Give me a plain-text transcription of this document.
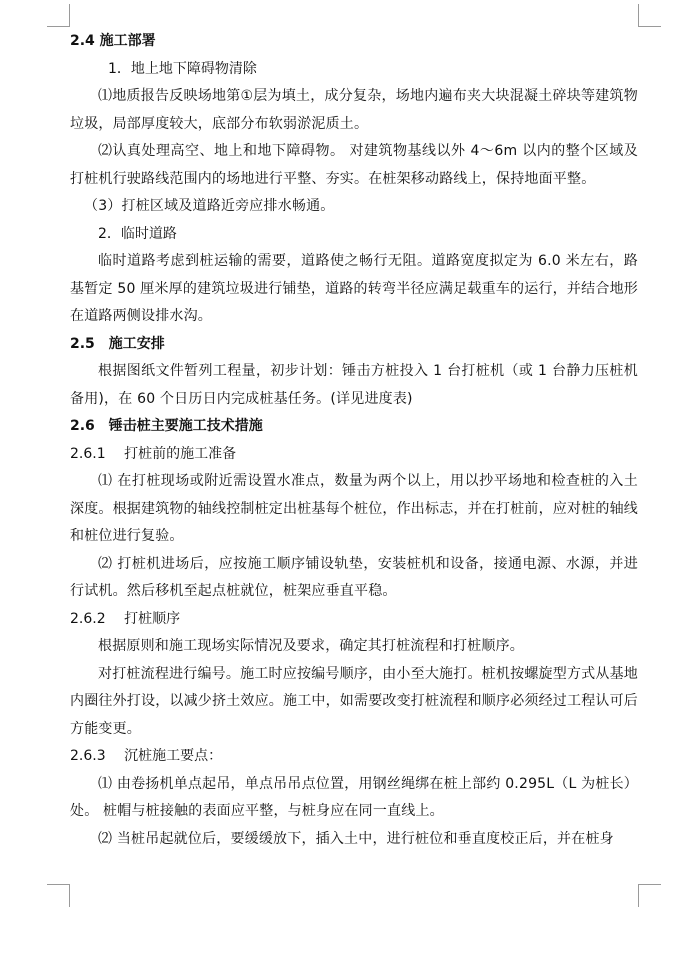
2.4 施工部署

1．地上地下障碍物清除

⑴地质报告反映场地第①层为填土，成分复杂，场地内遍布夹大块混凝土碎块等建筑物垃圾，局部厚度较大，底部分布软弱淤泥质土。

⑵认真处理高空、地上和地下障碍物。 对建筑物基线以外 4～6m 以内的整个区域及打桩机行驶路线范围内的场地进行平整、夯实。在桩架移动路线上，保持地面平整。

（3）打桩区域及道路近旁应排水畅通。

2．临时道路

临时道路考虑到桩运输的需要，道路使之畅行无阻。道路宽度拟定为 6.0 米左右，路基暂定 50 厘米厚的建筑垃圾进行铺垫，道路的转弯半径应满足载重车的运行，并结合地形在道路两侧设排水沟。

2.5　施工安排

根据图纸文件暂列工程量，初步计划：锤击方桩投入 1 台打桩机（或 1 台静力压桩机备用)，在 60 个日历日内完成桩基任务。(详见进度表)

2.6　锤击桩主要施工技术措施

2.6.1　 打桩前的施工准备

⑴ 在打桩现场或附近需设置水准点，数量为两个以上，用以抄平场地和检查桩的入土深度。根据建筑物的轴线控制桩定出桩基每个桩位，作出标志，并在打桩前，应对桩的轴线和桩位进行复验。

⑵ 打桩机进场后，应按施工顺序铺设轨垫，安装桩机和设备，接通电源、水源，并进行试机。然后移机至起点桩就位，桩架应垂直平稳。

2.6.2　 打桩顺序

根据原则和施工现场实际情况及要求，确定其打桩流程和打桩顺序。

对打桩流程进行编号。施工时应按编号顺序，由小至大施打。桩机按螺旋型方式从基地内圈往外打设，以减少挤土效应。施工中，如需要改变打桩流程和顺序必须经过工程认可后方能变更。

2.6.3　 沉桩施工要点：

⑴ 由卷扬机单点起吊，单点吊吊点位置，用钢丝绳绑在桩上部约 0.295L（L 为桩长）处。 桩帽与桩接触的表面应平整，与桩身应在同一直线上。

⑵ 当桩吊起就位后，要缓缓放下，插入土中，进行桩位和垂直度校正后，并在桩身
